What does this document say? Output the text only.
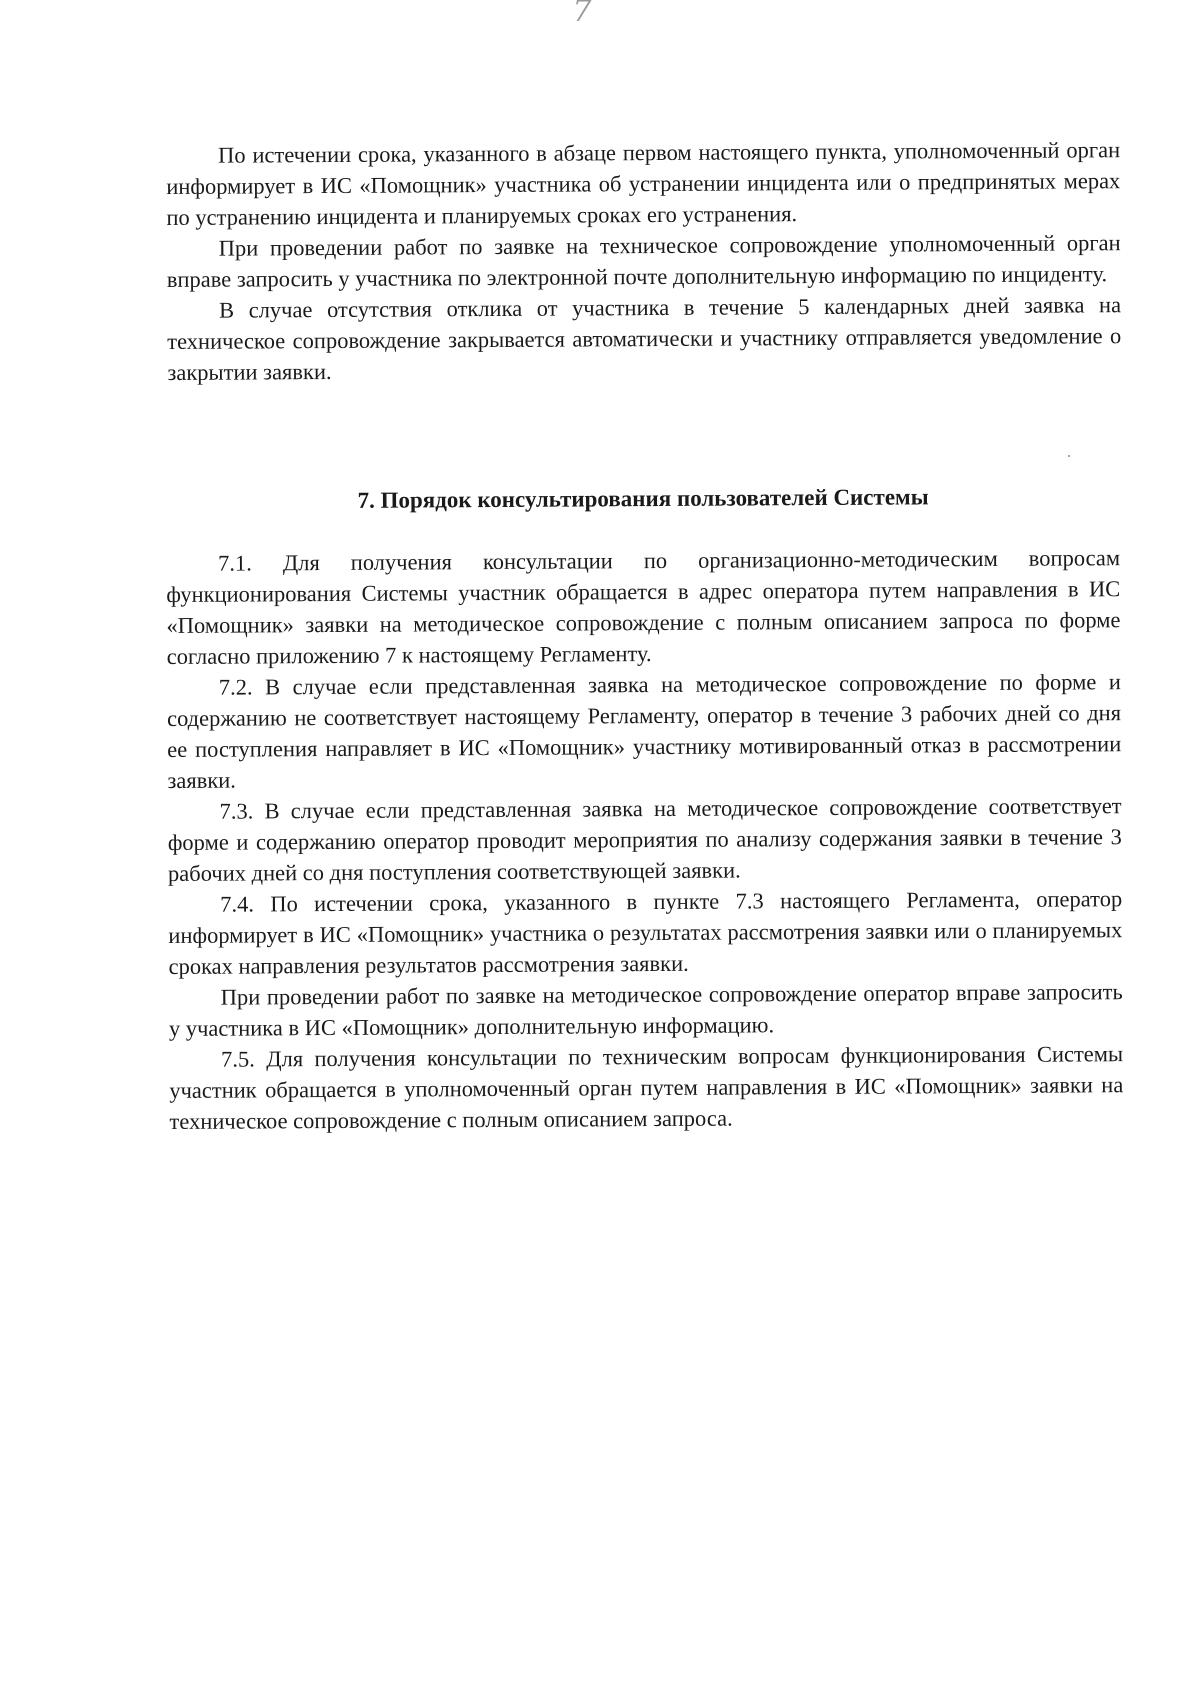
7

По истечении срока, указанного в абзаце первом настоящего пункта, уполномоченный орган информирует в ИС «Помощник» участника об устранении инцидента или о предпринятых мерах по устранению инцидента и планируемых сроках его устранения.

При проведении работ по заявке на техническое сопровождение уполномоченный орган вправе запросить у участника по электронной почте дополнительную информацию по инциденту.

В случае отсутствия отклика от участника в течение 5 календарных дней заявка на техническое сопровождение закрывается автоматически и участнику отправляется уведомление о закрытии заявки.

7. Порядок консультирования пользователей Системы

7.1. Для получения консультации по организационно-методическим вопросам функционирования Системы участник обращается в адрес оператора путем направления в ИС «Помощник» заявки на методическое сопровождение с полным описанием запроса по форме согласно приложению 7 к настоящему Регламенту.

7.2. В случае если представленная заявка на методическое сопровождение по форме и содержанию не соответствует настоящему Регламенту, оператор в течение 3 рабочих дней со дня ее поступления направляет в ИС «Помощник» участнику мотивированный отказ в рассмотрении заявки.

7.3. В случае если представленная заявка на методическое сопровождение соответствует форме и содержанию оператор проводит мероприятия по анализу содержания заявки в течение 3 рабочих дней со дня поступления соответствующей заявки.

7.4. По истечении срока, указанного в пункте 7.3 настоящего Регламента, оператор информирует в ИС «Помощник» участника о результатах рассмотрения заявки или о планируемых сроках направления результатов рассмотрения заявки.

При проведении работ по заявке на методическое сопровождение оператор вправе запросить у участника в ИС «Помощник» дополнительную информацию.

7.5. Для получения консультации по техническим вопросам функционирования Системы участник обращается в уполномоченный орган путем направления в ИС «Помощник» заявки на техническое сопровождение с полным описанием запроса.
